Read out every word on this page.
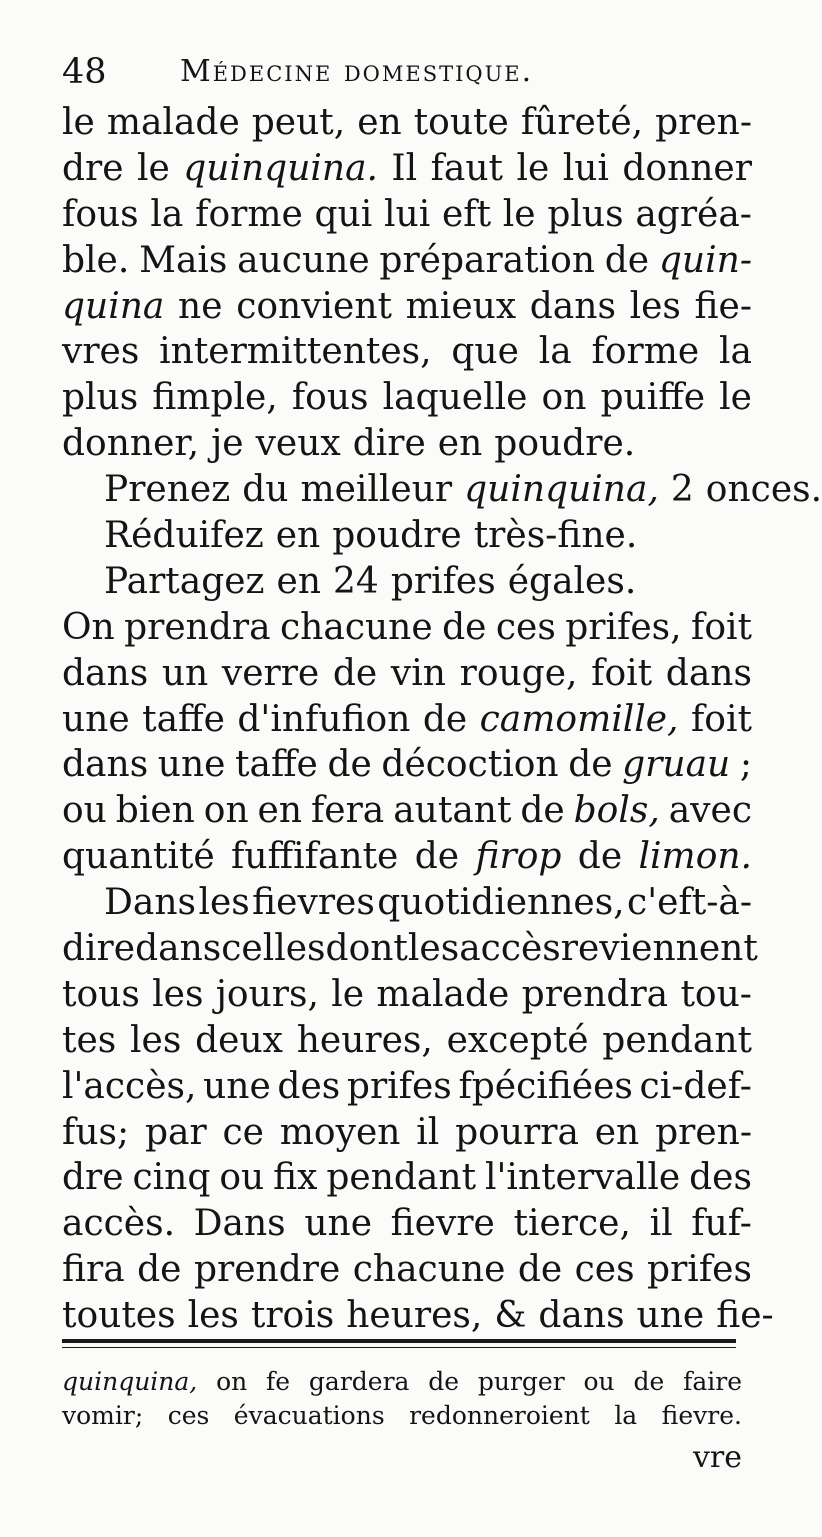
48 Médecine domestique.
le malade peut, en toute fûreté, pren-
dre le quinquina. Il faut le lui donner
fous la forme qui lui eft le plus agréa-
ble. Mais aucune préparation de quin-
quina ne convient mieux dans les fie-
vres intermittentes, que la forme la
plus fimple, fous laquelle on puiffe le
donner, je veux dire en poudre.
Prenez du meilleur quinquina, 2 onces.
Réduifez en poudre très-fine.
Partagez en 24 prifes égales.
On prendra chacune de ces prifes, foit
dans un verre de vin rouge, foit dans
une taffe d'infufion de camomille, foit
dans une taffe de décoction de gruau ;
ou bien on en fera autant de bols, avec
quantité fuffifante de firop de limon.
Dans les fievres quotidiennes, c'eft-à-
dire dans celles dont les accès reviennent
tous les jours, le malade prendra tou-
tes les deux heures, excepté pendant
l'accès, une des prifes fpécifiées ci-def-
fus; par ce moyen il pourra en pren-
dre cinq ou fix pendant l'intervalle des
accès. Dans une fievre tierce, il fuf-
fira de prendre chacune de ces prifes
toutes les trois heures, & dans une fie-
quinquina, on fe gardera de purger ou de faire
vomir; ces évacuations redonneroient la fievre.
vre
